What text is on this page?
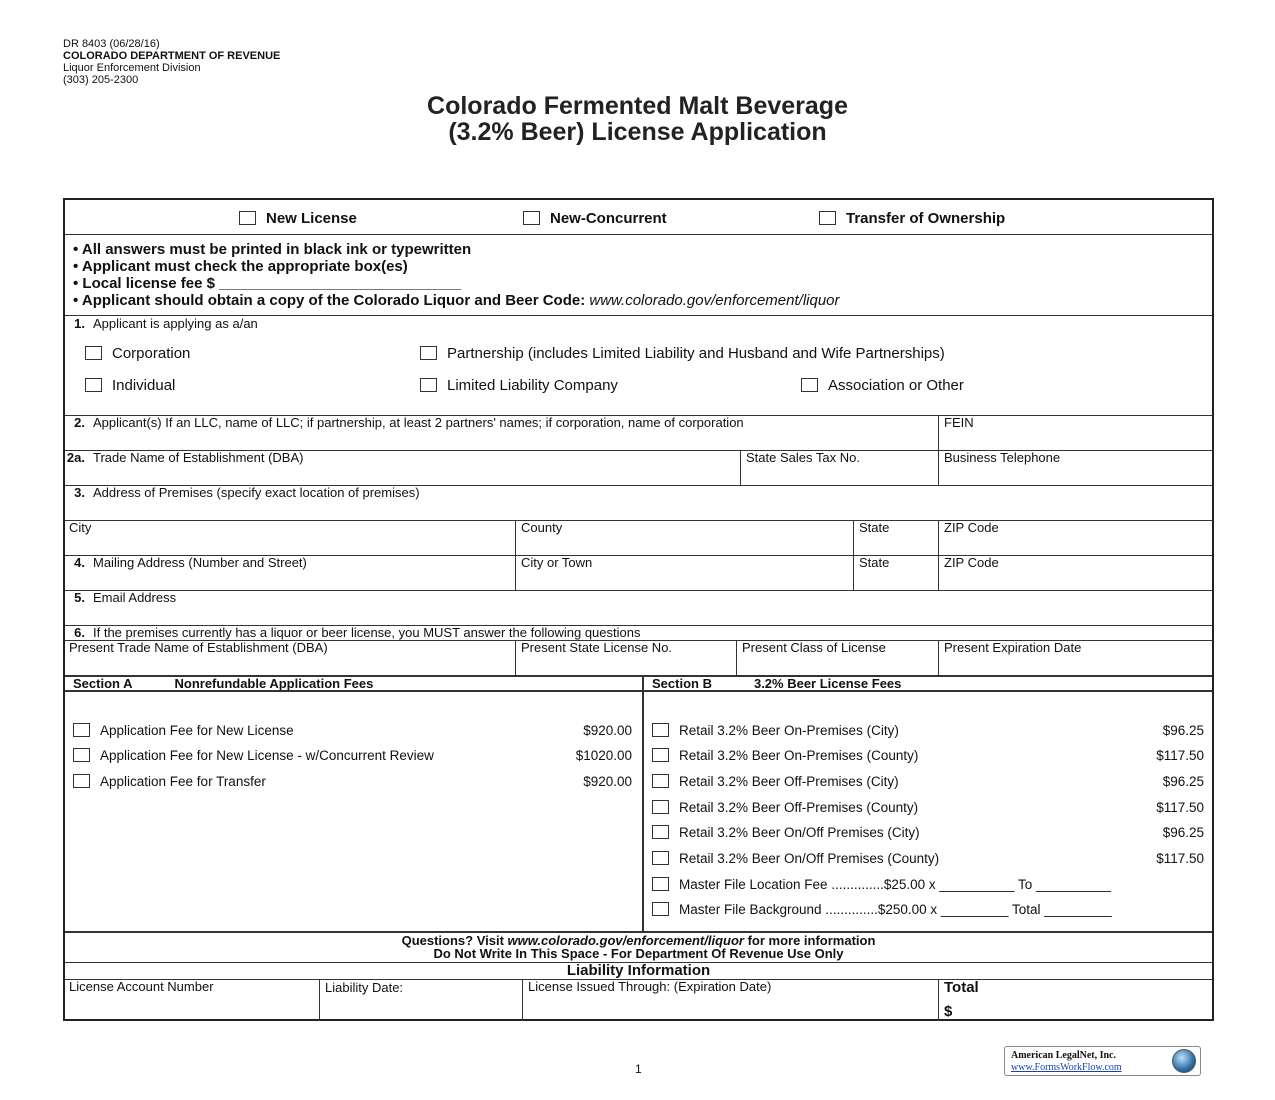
DR 8403 (06/28/16)
COLORADO DEPARTMENT OF REVENUE
Liquor Enforcement Division
(303) 205-2300
Colorado Fermented Malt Beverage
(3.2% Beer) License Application
New License	New-Concurrent	Transfer of Ownership
• All answers must be printed in black ink or typewritten
• Applicant must check the appropriate box(es)
• Local license fee $ _____________________________
• Applicant should obtain a copy of the Colorado Liquor and Beer Code: www.colorado.gov/enforcement/liquor
1. Applicant is applying as a/an
Corporation	Partnership (includes Limited Liability and Husband and Wife Partnerships)
Individual	Limited Liability Company	Association or Other
2. Applicant(s) If an LLC, name of LLC; if partnership, at least 2 partners' names; if corporation, name of corporation	FEIN
2a. Trade Name of Establishment (DBA)	State Sales Tax No.	Business Telephone
3. Address of Premises (specify exact location of premises)
City	County	State	ZIP Code
4. Mailing Address (Number and Street)	City or Town	State	ZIP Code
5. Email Address
6. If the premises currently has a liquor or beer license, you MUST answer the following questions
Present Trade Name of Establishment (DBA)	Present State License No.	Present Class of License	Present Expiration Date
Section A	Nonrefundable Application Fees	Section B	3.2% Beer License Fees
Application Fee for New License	$920.00
Application Fee for New License - w/Concurrent Review	$1020.00
Application Fee for Transfer	$920.00
Retail 3.2% Beer On-Premises (City)	$96.25
Retail 3.2% Beer On-Premises (County)	$117.50
Retail 3.2% Beer Off-Premises (City)	$96.25
Retail 3.2% Beer Off-Premises (County)	$117.50
Retail 3.2% Beer On/Off Premises (City)	$96.25
Retail 3.2% Beer On/Off Premises (County)	$117.50
Master File Location Fee ..............$25.00 x __________ To __________
Master File Background ..............$250.00 x _________ Total _________
Questions? Visit www.colorado.gov/enforcement/liquor for more information
Do Not Write In This Space - For Department Of Revenue Use Only
Liability Information
License Account Number	Liability Date:	License Issued Through: (Expiration Date)	Total
$
1
American LegalNet, Inc.
www.FormsWorkFlow.com
